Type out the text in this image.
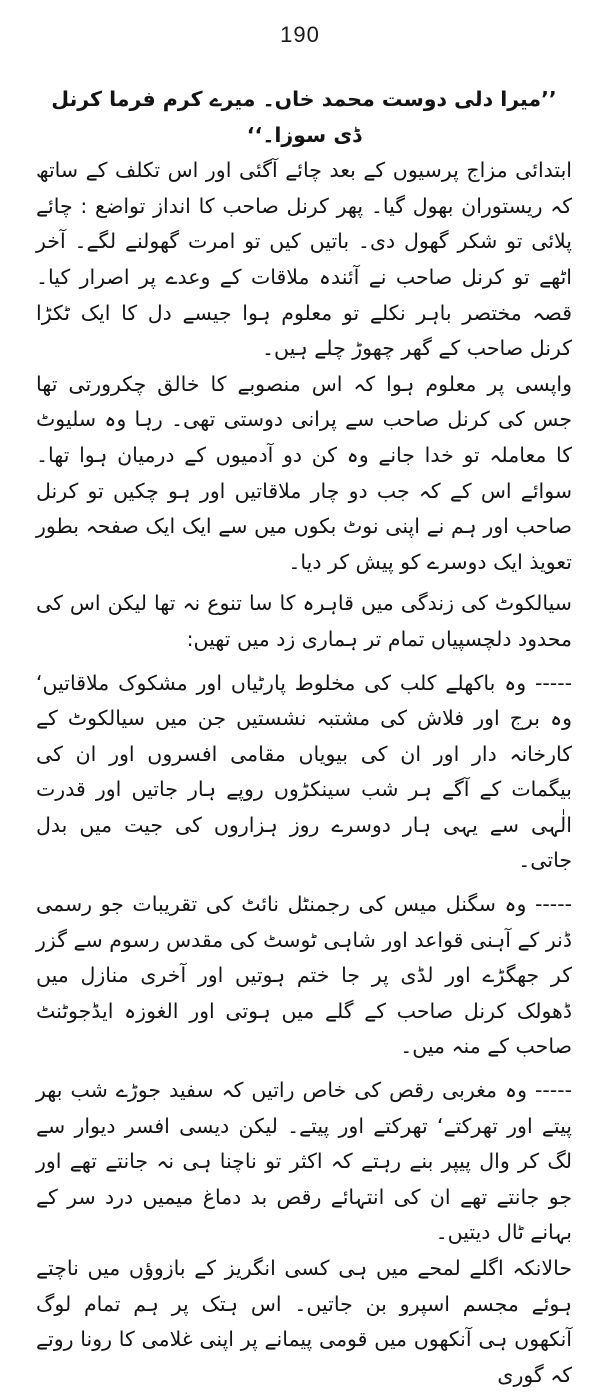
190

’’میرا دلی دوست محمد خاں۔ میرے کرم فرما کرنل ڈی سوزا۔‘‘

ابتدائی مزاج پرسیوں کے بعد چائے آگئی اور اس تکلف کے ساتھ کہ ریستوران بھول گیا۔ پھر کرنل صاحب کا انداز تواضع : چائے پلائی تو شکر گھول دی۔ باتیں کیں تو امرت گھولنے لگے۔ آخر اٹھے تو کرنل صاحب نے آئندہ ملاقات کے وعدے پر اصرار کیا۔ قصہ مختصر باہر نکلے تو معلوم ہوا جیسے دل کا ایک ٹکڑا کرنل صاحب کے گھر چھوڑ چلے ہیں۔

واپسی پر معلوم ہوا کہ اس منصوبے کا خالق چکرورتی تھا جس کی کرنل صاحب سے پرانی دوستی تھی۔ رہا وہ سلیوٹ کا معاملہ تو خدا جانے وہ کن دو آدمیوں کے درمیان ہوا تھا۔ سوائے اس کے کہ جب دو چار ملاقاتیں اور ہو چکیں تو کرنل صاحب اور ہم نے اپنی نوٹ بکوں میں سے ایک ایک صفحہ بطور تعویذ ایک دوسرے کو پیش کر دیا۔

سیالکوٹ کی زندگی میں قاہرہ کا سا تنوع نہ تھا لیکن اس کی محدود دلچسپیاں تمام تر ہماری زد میں تھیں:

----- وہ باکھلے کلب کی مخلوط پارٹیاں اور مشکوک ملاقاتیں‘ وہ برج اور فلاش کی مشتبہ نشستیں جن میں سیالکوٹ کے کارخانہ دار اور ان کی بیویاں مقامی افسروں اور ان کی بیگمات کے آگے ہر شب سینکڑوں روپے ہار جاتیں اور قدرت الٰہی سے یہی ہار دوسرے روز ہزاروں کی جیت میں بدل جاتی۔

----- وہ سگنل میس کی رجمنٹل نائٹ کی تقریبات جو رسمی ڈنر کے آہنی قواعد اور شاہی ٹوسٹ کی مقدس رسوم سے گزر کر جھگڑے اور لڈی پر جا ختم ہوتیں اور آخری منازل میں ڈھولک کرنل صاحب کے گلے میں ہوتی اور الغوزہ ایڈجوٹنٹ صاحب کے منہ میں۔

----- وہ مغربی رقص کی خاص راتیں کہ سفید جوڑے شب بھر پیتے اور تھرکتے‘ تھرکتے اور پیتے۔ لیکن دیسی افسر دیوار سے لگ کر وال پیپر بنے رہتے کہ اکثر تو ناچنا ہی نہ جانتے تھے اور جو جانتے تھے ان کی انتہائے رقص بد دماغ میمیں درد سر کے بہانے ٹال دیتیں۔

حالانکہ اگلے لمحے میں ہی کسی انگریز کے بازوؤں میں ناچتے ہوئے مجسم اسپرو بن جاتیں۔ اس ہتک پر ہم تمام لوگ آنکھوں ہی آنکھوں میں قومی پیمانے پر اپنی غلامی کا رونا روتے کہ گوری
